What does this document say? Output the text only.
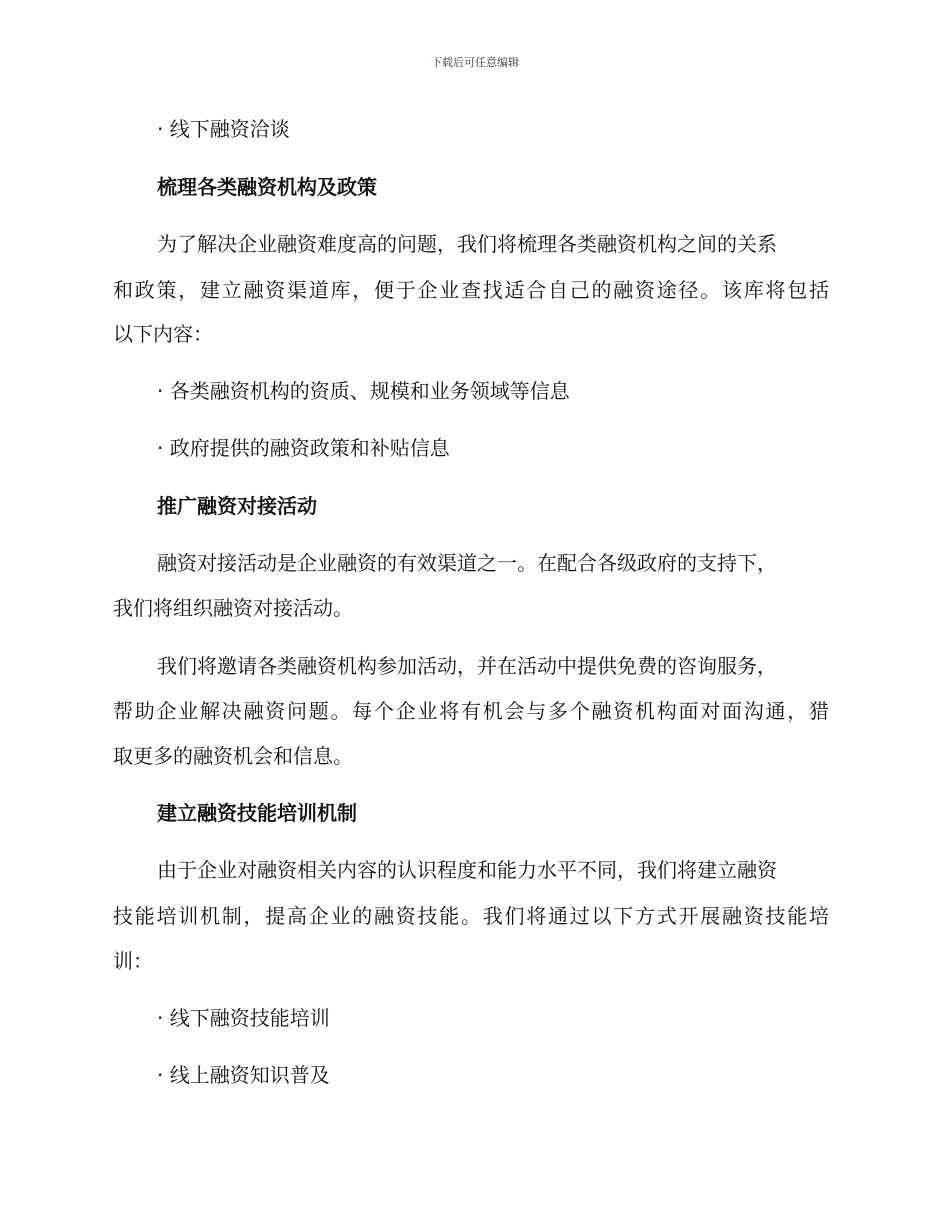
下载后可任意编辑
· 线下融资洽谈
梳理各类融资机构及政策
为了解决企业融资难度高的问题，我们将梳理各类融资机构之间的关系
和政策，建立融资渠道库，便于企业查找适合自己的融资途径。该库将包括
以下内容：
· 各类融资机构的资质、规模和业务领域等信息
· 政府提供的融资政策和补贴信息
推广融资对接活动
融资对接活动是企业融资的有效渠道之一。在配合各级政府的支持下，
我们将组织融资对接活动。
我们将邀请各类融资机构参加活动，并在活动中提供免费的咨询服务，
帮助企业解决融资问题。每个企业将有机会与多个融资机构面对面沟通，猎
取更多的融资机会和信息。
建立融资技能培训机制
由于企业对融资相关内容的认识程度和能力水平不同，我们将建立融资
技能培训机制，提高企业的融资技能。我们将通过以下方式开展融资技能培
训：
· 线下融资技能培训
· 线上融资知识普及
